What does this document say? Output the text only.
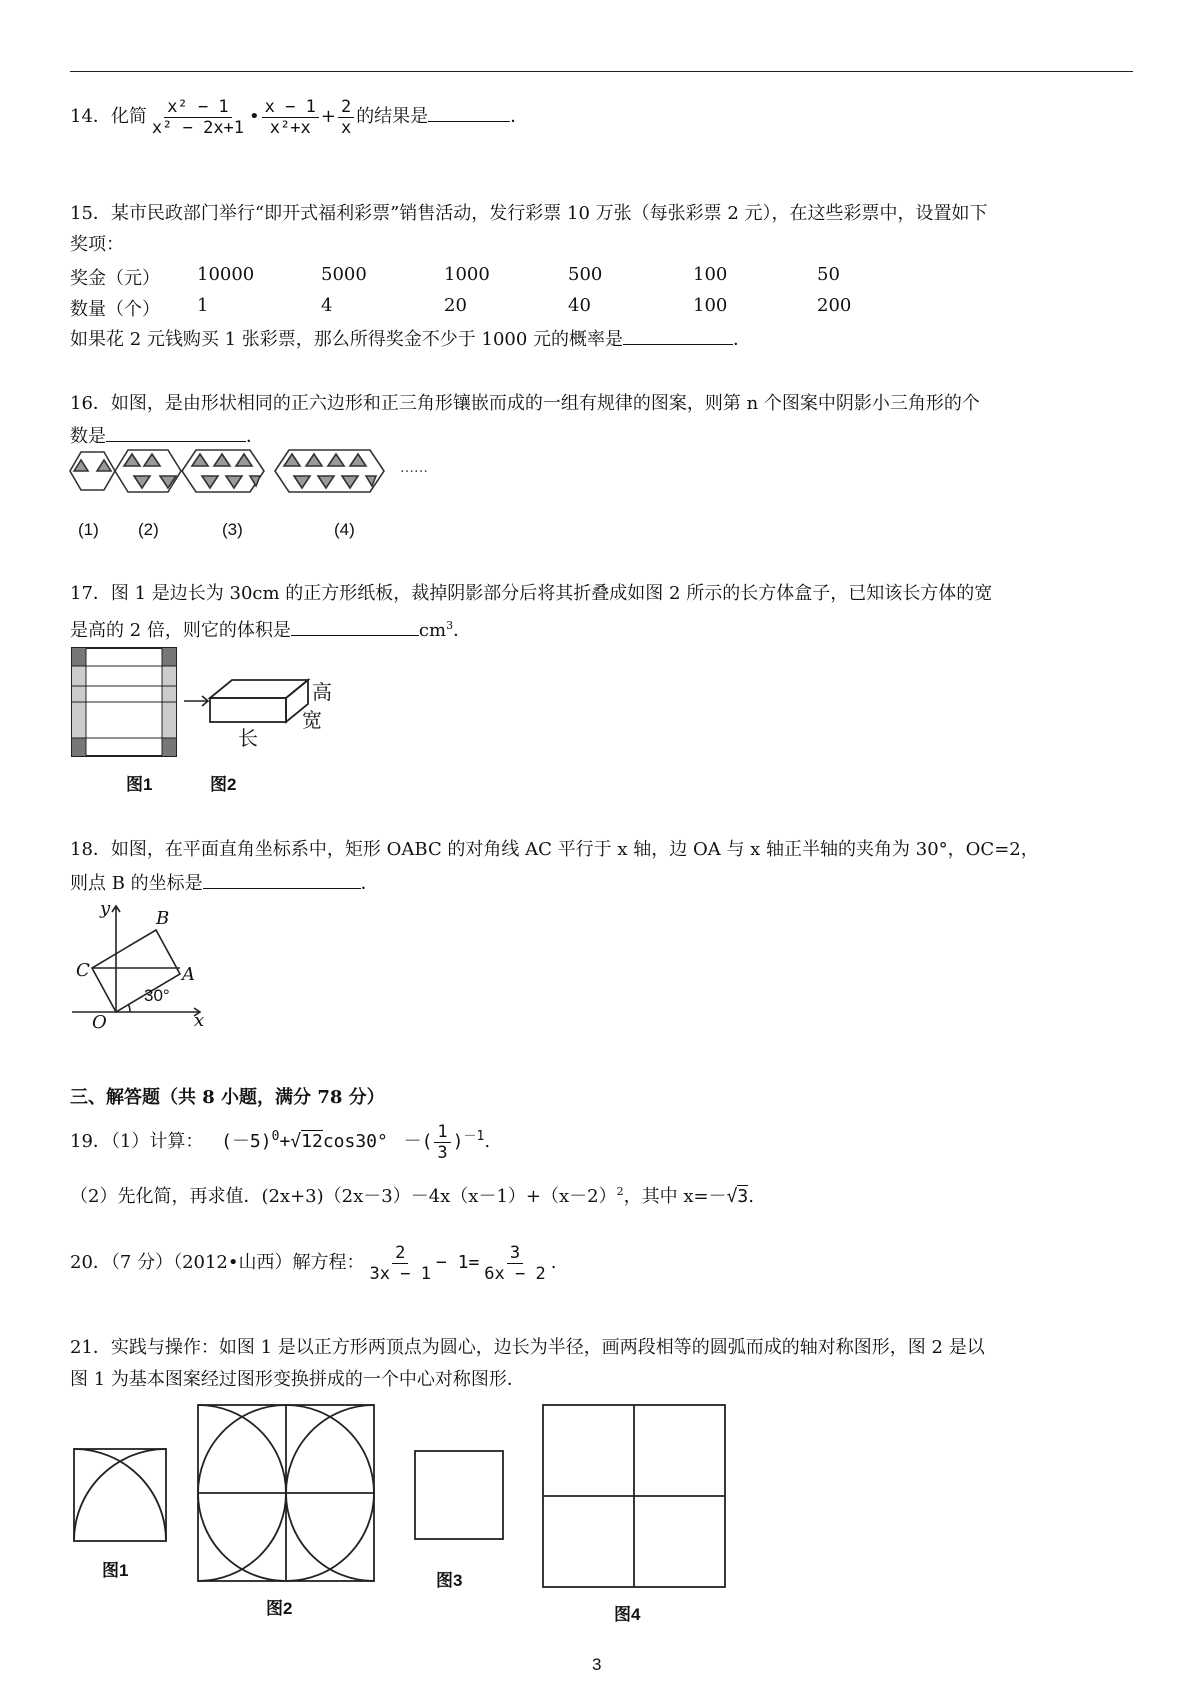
14．化简 $\frac{\text{x² − 1}}{\text{x² − 2x+1}}$ • $\frac{x - 1}{\text{x²+x}} + \frac{2}{x}$ 的结果是	．
15．某市民政部门举行“即开式福利彩票”销售活动，发行彩票 10 万张（每张彩票 2 元），在这些彩票中，设置如下
奖项：
奖金（元） 10000	5000	1000	500	100	50
数量（个） 1	4	20	40	100	200
如果花 2 元钱购买 1 张彩票，那么所得奖金不少于 1000 元的概率是	．
16．如图，是由形状相同的正六边形和正三角形镶嵌而成的一组有规律的图案，则第 n 个图案中阴影小三角形的个
数是	．
……
(1) (2)	(3)	(4)
17．图 1 是边长为 30cm 的正方形纸板，裁掉阴影部分后将其折叠成如图 2 所示的长方体盒子，已知该长方体的宽
是高的 2 倍，则它的体积是	$cm^3$．
高
宽
长
图1	图2
18．如图，在平面直角坐标系中，矩形 OABC 的对角线 AC 平行于 x 轴，边 OA 与 x 轴正半轴的夹角为 30°，OC=2，
则点 B 的坐标是	．
y	B
C	A
30°
O	x
三、解答题（共 8 小题，满分 78 分）
19．（1）计算： $(-5)^0+√12\cos 30^\circ$ －( $\frac{1}{3} )^{-1}$.
（2）先化简，再求值．$(2x+3)(2x-3)-4x(x-1)+(x-2)^2$，其中 x=－√3.
20．（7 分）（2012•山西）解方程： $\frac{2}{3x - 1} - 1= \frac{3}{6x - 2}$ .
21．实践与操作：如图 1 是以正方形两顶点为圆心，边长为半径，画两段相等的圆弧而成的轴对称图形，图 2 是以
图 1 为基本图案经过图形变换拼成的一个中心对称图形．
图1
图2
图3
图4
3
